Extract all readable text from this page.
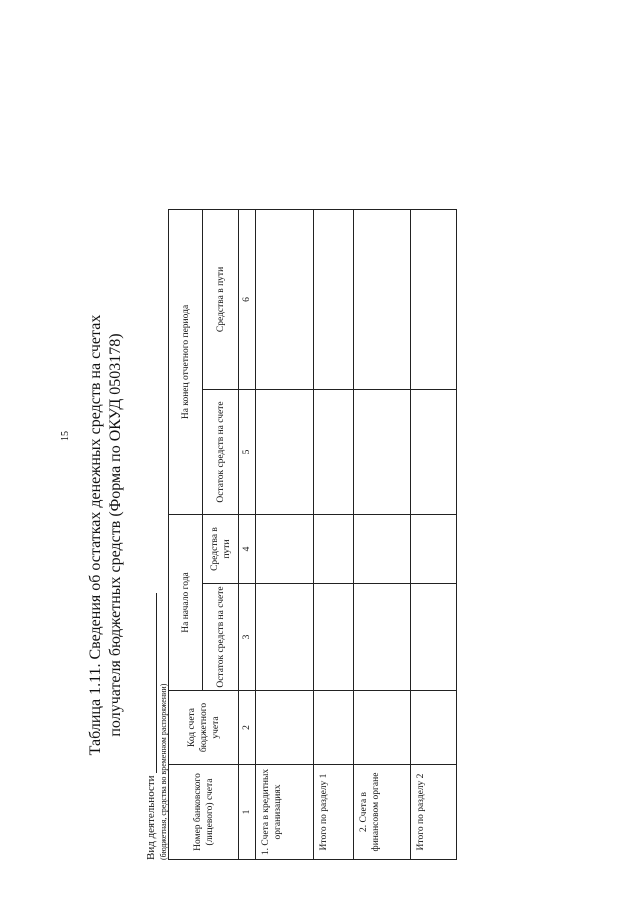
15 Таблица 1.11. Сведения об остатках денежных средств на счетах получателя бюджетных средств (Форма по ОКУД 0503178)
Вид деятельности (бюджетная, средства во временном распоряжении)	Номер банковского (лицевого) счета	Код счета бюджетного учета	На начало года		На конец отчетного периода	
		Остаток средств на счете	Средства в пути	Остаток средств на счете	Средства в пути
1	2	3	4	5	6
1. Счета в кредитных организациях					
Итого по разделу 1					
2. Счета в финансовом органе					
Итого по разделу 2					
